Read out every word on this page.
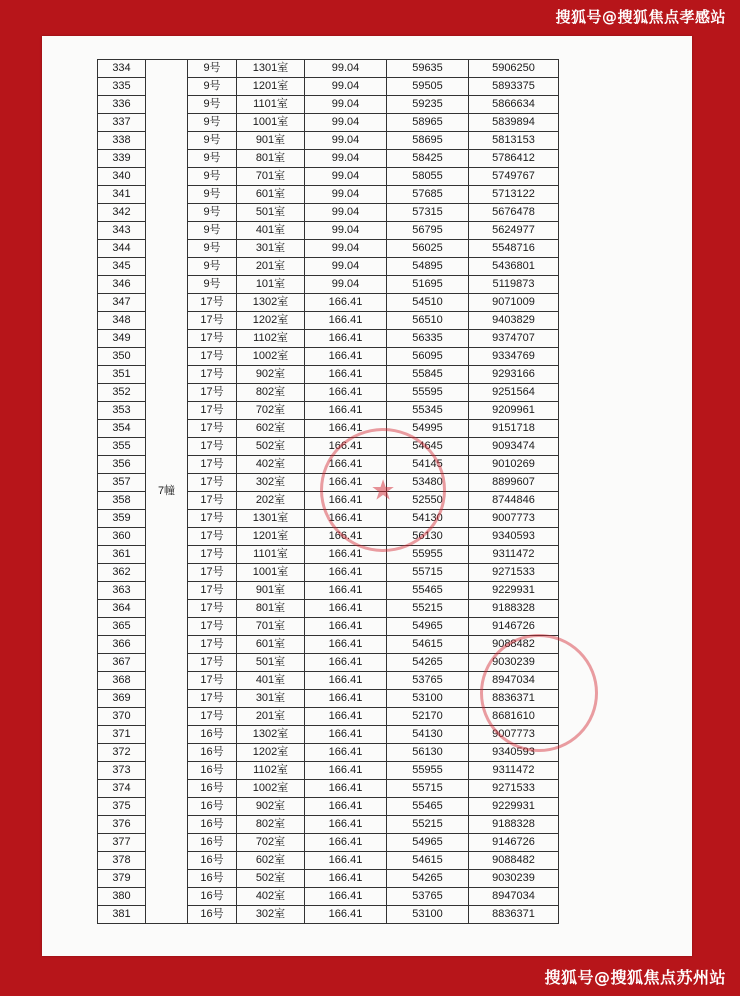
搜狐号@搜狐焦点孝感站
334	7幢	9号	1301室	99.04	59635	5906250
335		9号	1201室	99.04	59505	5893375
336		9号	1101室	99.04	59235	5866634
337		9号	1001室	99.04	58965	5839894
338		9号	901室	99.04	58695	5813153
339		9号	801室	99.04	58425	5786412
340		9号	701室	99.04	58055	5749767
341		9号	601室	99.04	57685	5713122
342		9号	501室	99.04	57315	5676478
343		9号	401室	99.04	56795	5624977
344		9号	301室	99.04	56025	5548716
345		9号	201室	99.04	54895	5436801
346		9号	101室	99.04	51695	5119873
347		17号	1302室	166.41	54510	9071009
348		17号	1202室	166.41	56510	9403829
349		17号	1102室	166.41	56335	9374707
350		17号	1002室	166.41	56095	9334769
351		17号	902室	166.41	55845	9293166
352		17号	802室	166.41	55595	9251564
353		17号	702室	166.41	55345	9209961
354		17号	602室	166.41	54995	9151718
355		17号	502室	166.41	54645	9093474
356		17号	402室	166.41	54145	9010269
357		17号	302室	166.41	53480	8899607
358		17号	202室	166.41	52550	8744846
359		17号	1301室	166.41	54130	9007773
360		17号	1201室	166.41	56130	9340593
361		17号	1101室	166.41	55955	9311472
362		17号	1001室	166.41	55715	9271533
363		17号	901室	166.41	55465	9229931
364		17号	801室	166.41	55215	9188328
365		17号	701室	166.41	54965	9146726
366		17号	601室	166.41	54615	9088482
367		17号	501室	166.41	54265	9030239
368		17号	401室	166.41	53765	8947034
369		17号	301室	166.41	53100	8836371
370		17号	201室	166.41	52170	8681610
371		16号	1302室	166.41	54130	9007773
372		16号	1202室	166.41	56130	9340593
373		16号	1102室	166.41	55955	9311472
374		16号	1002室	166.41	55715	9271533
375		16号	902室	166.41	55465	9229931
376		16号	802室	166.41	55215	9188328
377		16号	702室	166.41	54965	9146726
378		16号	602室	166.41	54615	9088482
379		16号	502室	166.41	54265	9030239
380		16号	402室	166.41	53765	8947034
381		16号	302室	166.41	53100	8836371
★
搜狐号@搜狐焦点苏州站
